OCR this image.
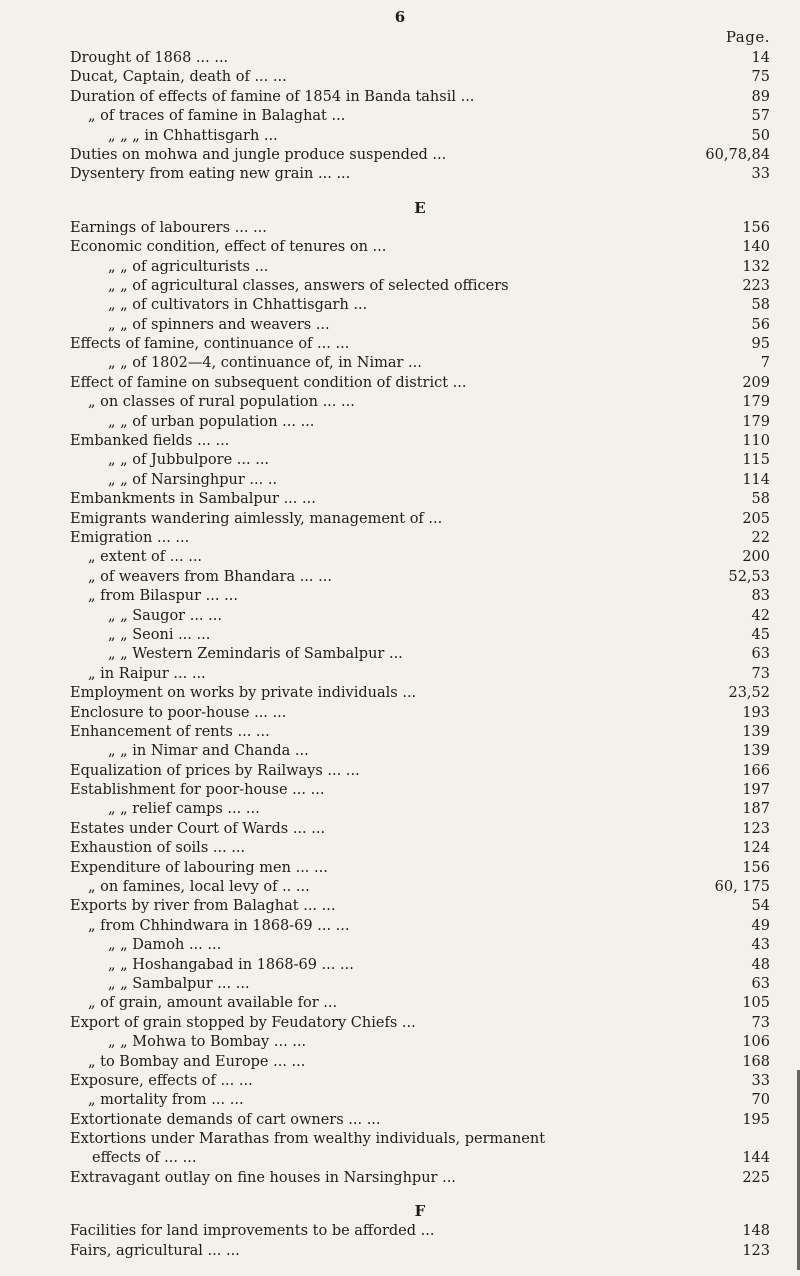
6
Page.
Drought of 1868 ... ...	14
Ducat, Captain, death of ... ...	75
Duration of effects of famine of 1854 in Banda tahsil ...	89
„ of traces of famine in Balaghat ...	57
„ „ „ in Chhattisgarh ...	50
Duties on mohwa and jungle produce suspended ...	60,78,84
Dysentery from eating new grain ... ...	33
E
Earnings of labourers ... ...	156
Economic condition, effect of tenures on ...	140
„ „ of agriculturists ...	132
„ „ of agricultural classes, answers of selected officers	223
„ „ of cultivators in Chhattisgarh ...	58
„ „ of spinners and weavers ...	56
Effects of famine, continuance of ... ...	95
„ „ of 1802—4, continuance of, in Nimar ...	7
Effect of famine on subsequent condition of district ...	209
„ on classes of rural population ... ...	179
„ „ of urban population ... ...	179
Embanked fields ... ...	110
„ „ of Jubbulpore ... ...	115
„ „ of Narsinghpur ... ..	114
Embankments in Sambalpur ... ...	58
Emigrants wandering aimlessly, management of ...	205
Emigration ... ...	22
„ extent of ... ...	200
„ of weavers from Bhandara ... ...	52,53
„ from Bilaspur ... ...	83
„ „ Saugor ... ...	42
„ „ Seoni ... ...	45
„ „ Western Zemindaris of Sambalpur ...	63
„ in Raipur ... ...	73
Employment on works by private individuals ...	23,52
Enclosure to poor-house ... ...	193
Enhancement of rents ... ...	139
„ „ in Nimar and Chanda ...	139
Equalization of prices by Railways ... ...	166
Establishment for poor-house ... ...	197
„ „ relief camps ... ...	187
Estates under Court of Wards ... ...	123
Exhaustion of soils ... ...	124
Expenditure of labouring men ... ...	156
„ on famines, local levy of .. ...	60, 175
Exports by river from Balaghat ... ...	54
„ from Chhindwara in 1868-69 ... ...	49
„ „ Damoh ... ...	43
„ „ Hoshangabad in 1868-69 ... ...	48
„ „ Sambalpur ... ...	63
„ of grain, amount available for ...	105
Export of grain stopped by Feudatory Chiefs ...	73
„ „ Mohwa to Bombay ... ...	106
„ to Bombay and Europe ... ...	168
Exposure, effects of ... ...	33
„ mortality from ... ...	70
Extortionate demands of cart owners ... ...	195
Extortions under Marathas from wealthy individuals, permanent
effects of ... ...	144
Extravagant outlay on fine houses in Narsinghpur ...	225
F
Facilities for land improvements to be afforded ...	148
Fairs, agricultural ... ...	123
